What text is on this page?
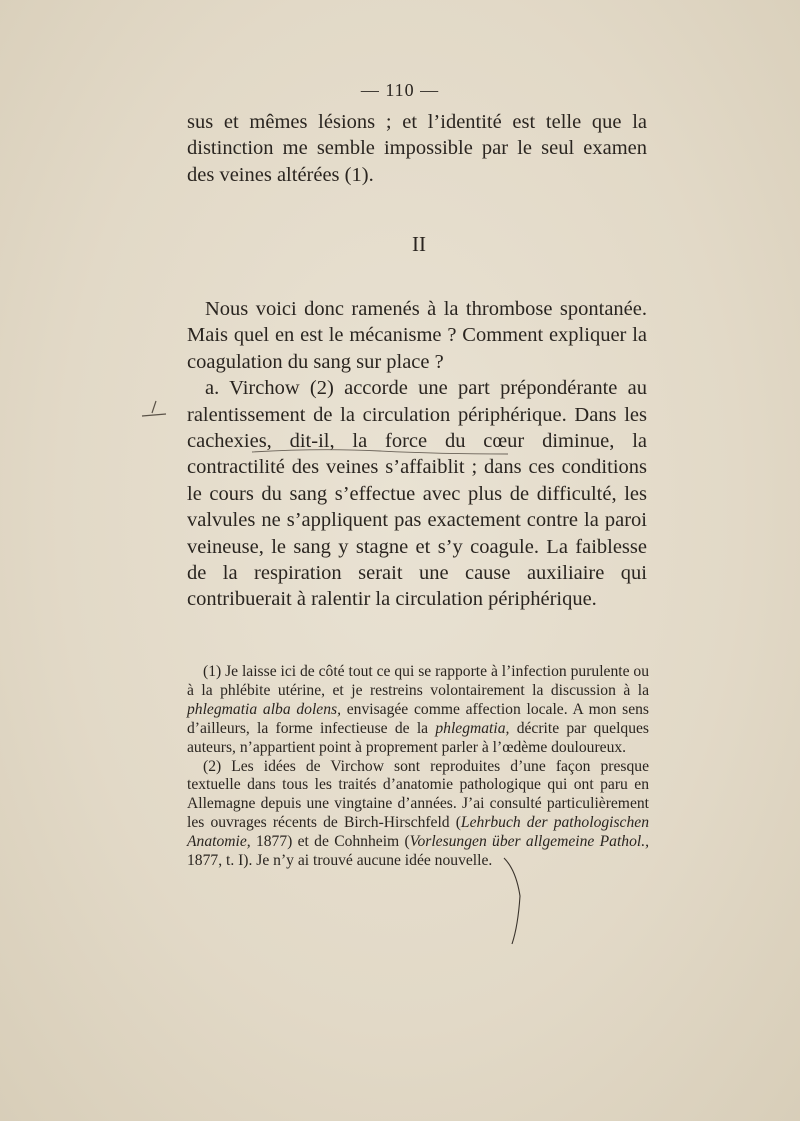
— 110 —

sus et mêmes lésions ; et l’identité est telle que la distinction me semble impossible par le seul examen des veines altérées (1).

II

Nous voici donc ramenés à la thrombose spontanée. Mais quel en est le mécanisme ? Comment expliquer la coagulation du sang sur place ?

a. Virchow (2) accorde une part prépondérante au ralentissement de la circulation périphérique. Dans les cachexies, dit-il, la force du cœur diminue, la contractilité des veines s’affaiblit ; dans ces conditions le cours du sang s’effectue avec plus de difficulté, les valvules ne s’appliquent pas exactement contre la paroi veineuse, le sang y stagne et s’y coagule. La faiblesse de la respiration serait une cause auxiliaire qui contribuerait à ralentir la circulation périphérique.

(1) Je laisse ici de côté tout ce qui se rapporte à l’infection purulente ou à la phlébite utérine, et je restreins volontairement la discussion à la phlegmatia alba dolens, envisagée comme affection locale. A mon sens d’ailleurs, la forme infectieuse de la phlegmatia, décrite par quelques auteurs, n’appartient point à proprement parler à l’œdème douloureux.

(2) Les idées de Virchow sont reproduites d’une façon presque textuelle dans tous les traités d’anatomie pathologique qui ont paru en Allemagne depuis une vingtaine d’années. J’ai consulté particulièrement les ouvrages récents de Birch-Hirschfeld (Lehrbuch der pathologischen Anatomie, 1877) et de Cohnheim (Vorlesungen über allgemeine Pathol., 1877, t. I). Je n’y ai trouvé aucune idée nouvelle.
